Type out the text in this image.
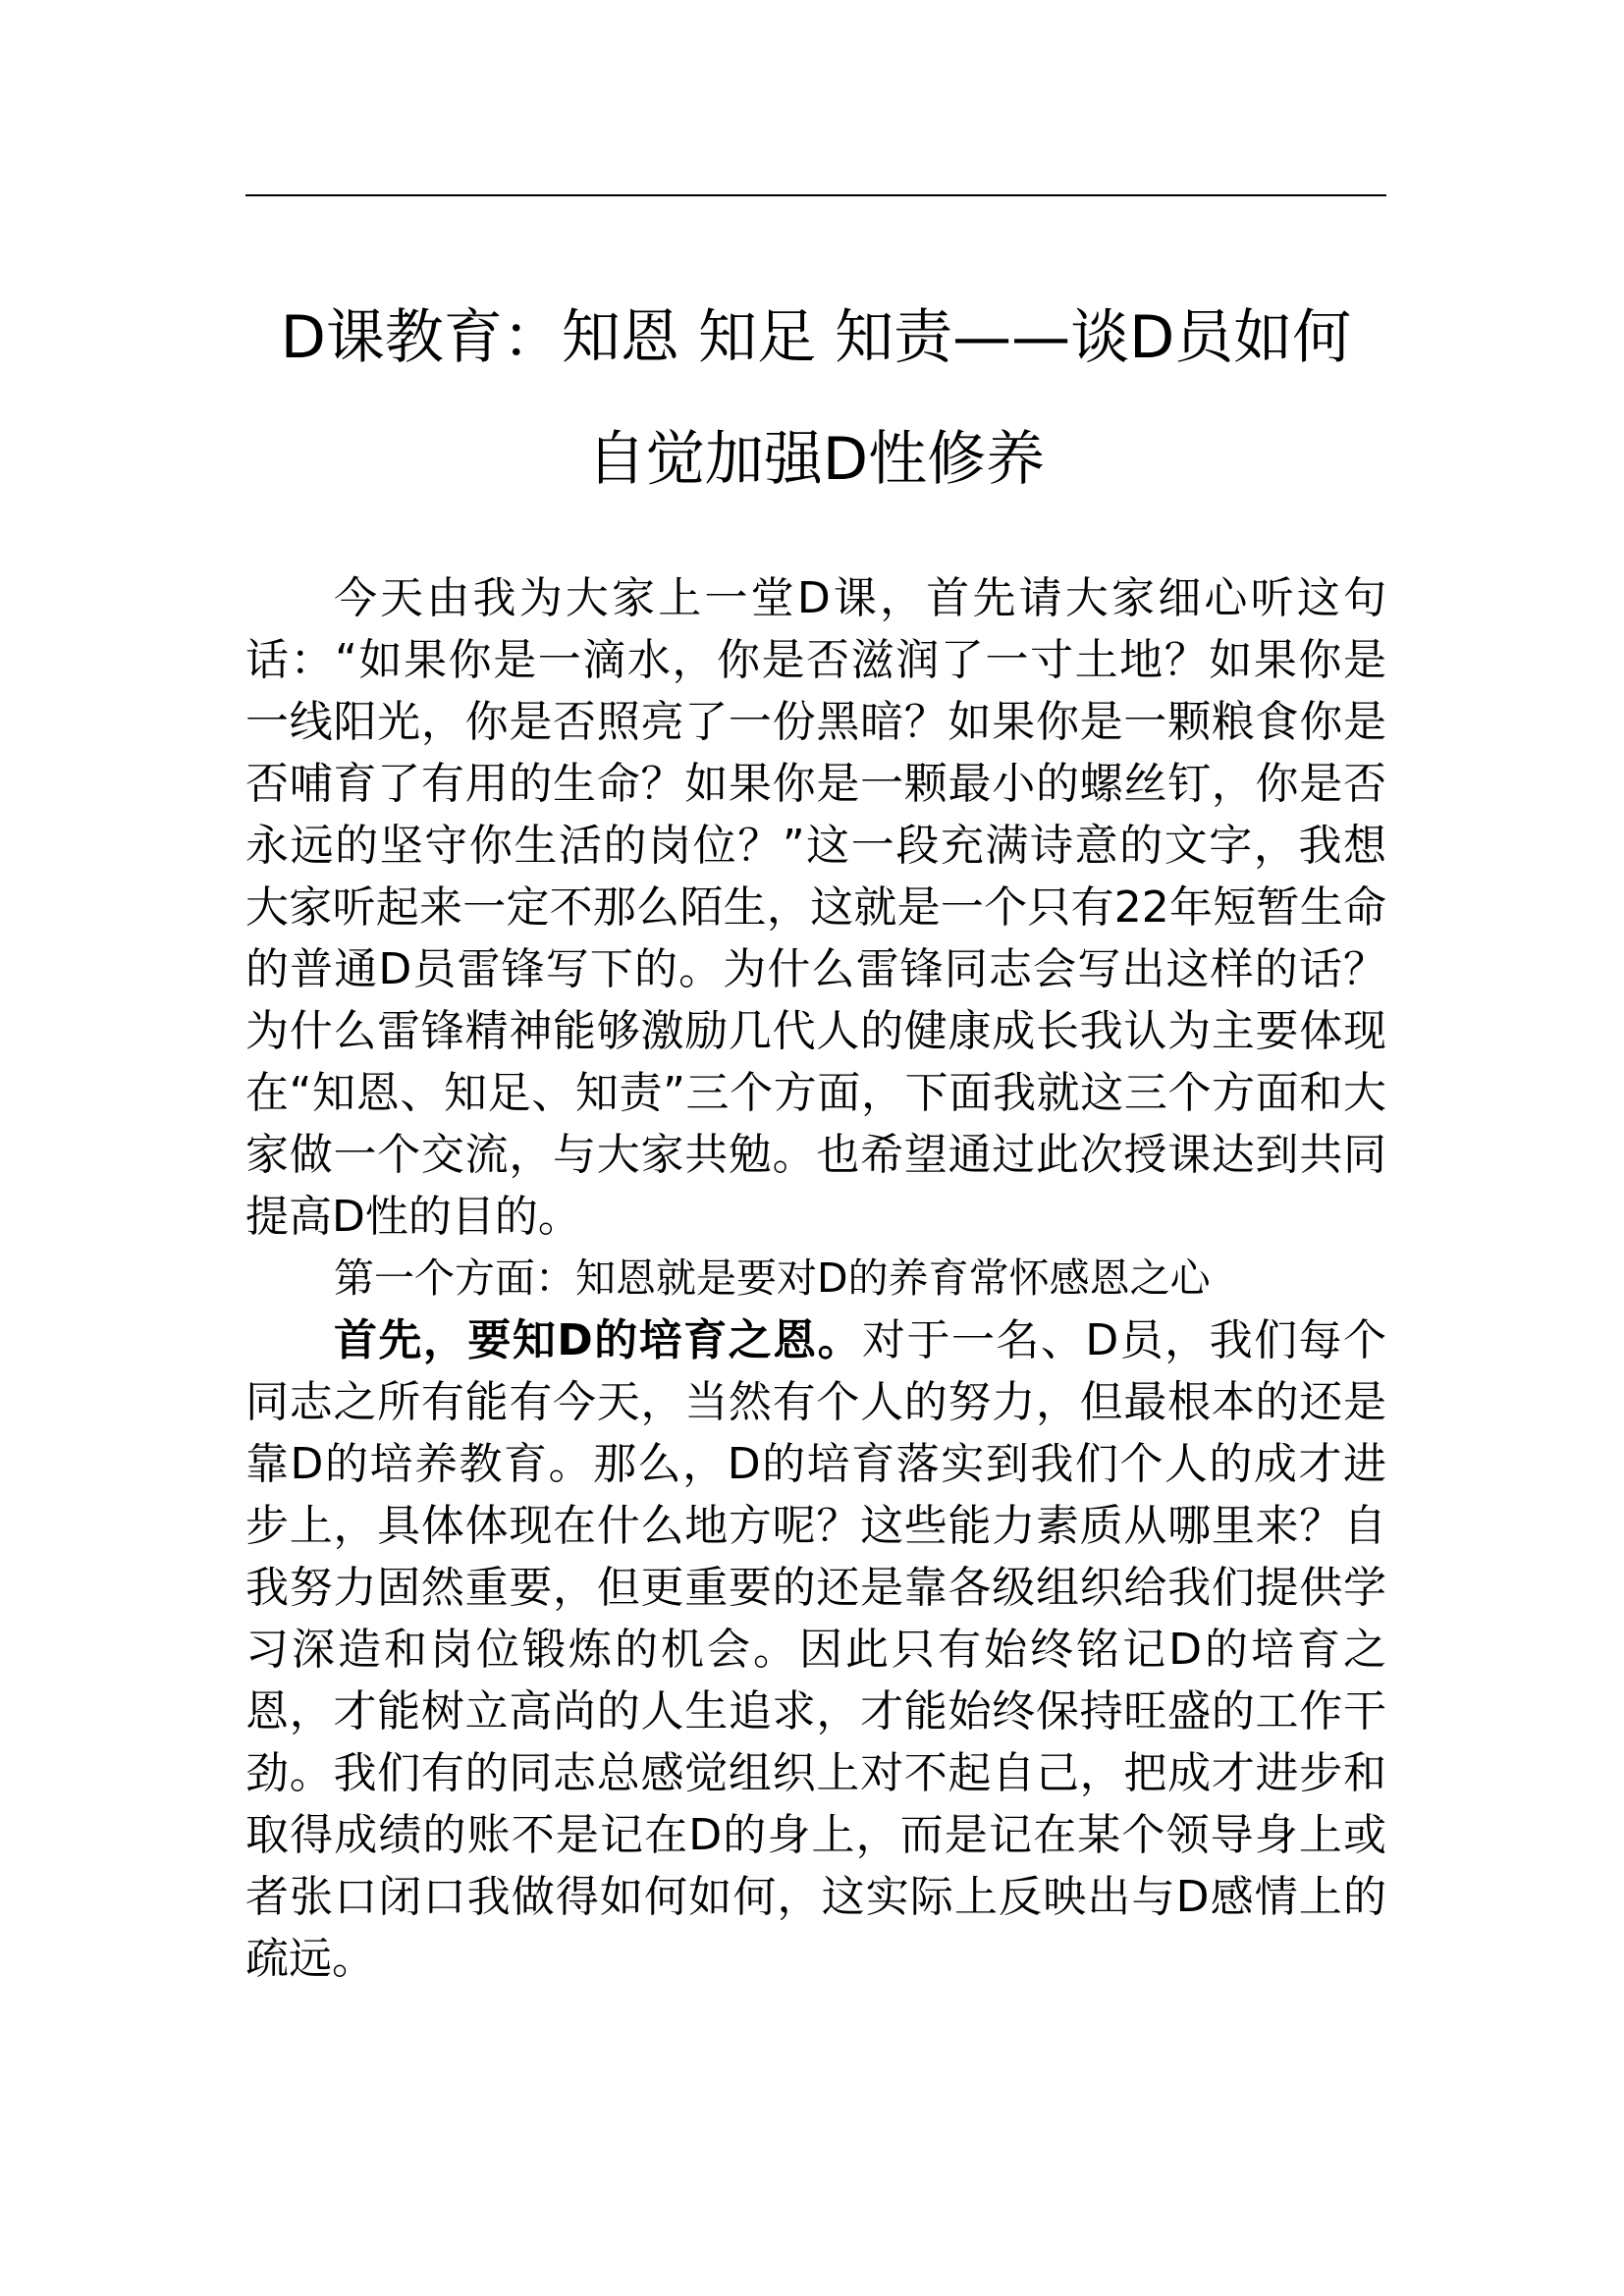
D课教育：知恩 知足 知责——谈D员如何
自觉加强D性修养

今天由我为大家上一堂D课，首先请大家细心听这句话：“如果你是一滴水，你是否滋润了一寸土地？如果你是一线阳光，你是否照亮了一份黑暗？如果你是一颗粮食你是否哺育了有用的生命？如果你是一颗最小的螺丝钉，你是否永远的坚守你生活的岗位？”这一段充满诗意的文字，我想大家听起来一定不那么陌生，这就是一个只有22年短暂生命的普通D员雷锋写下的。为什么雷锋同志会写出这样的话？为什么雷锋精神能够激励几代人的健康成长我认为主要体现在“知恩、知足、知责”三个方面，下面我就这三个方面和大家做一个交流，与大家共勉。也希望通过此次授课达到共同提高D性的目的。

第一个方面：知恩就是要对D的养育常怀感恩之心

首先，要知D的培育之恩。对于一名、D员，我们每个同志之所有能有今天，当然有个人的努力，但最根本的还是靠D的培养教育。那么，D的培育落实到我们个人的成才进步上，具体体现在什么地方呢？这些能力素质从哪里来？自我努力固然重要，但更重要的还是靠各级组织给我们提供学习深造和岗位锻炼的机会。因此只有始终铭记D的培育之恩，才能树立高尚的人生追求，才能始终保持旺盛的工作干劲。我们有的同志总感觉组织上对不起自己，把成才进步和取得成绩的账不是记在D的身上，而是记在某个领导身上或者张口闭口我做得如何如何，这实际上反映出与D感情上的疏远。
